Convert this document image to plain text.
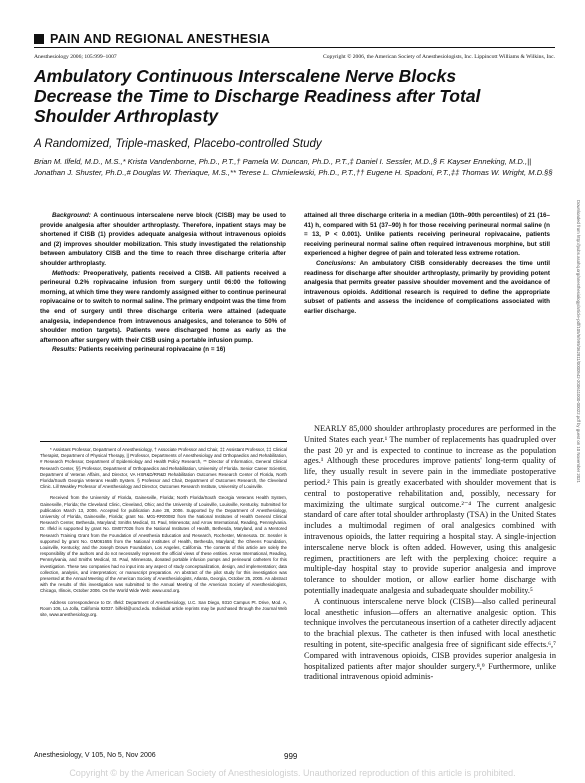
PAIN AND REGIONAL ANESTHESIA
Anesthesiology 2006; 105:999–1007	Copyright © 2006, the American Society of Anesthesiologists, Inc. Lippincott Williams & Wilkins, Inc.
Ambulatory Continuous Interscalene Nerve Blocks Decrease the Time to Discharge Readiness after Total Shoulder Arthroplasty
A Randomized, Triple-masked, Placebo-controlled Study
Brian M. Ilfeld, M.D., M.S.,* Krista Vandenborne, Ph.D., P.T.,† Pamela W. Duncan, Ph.D., P.T.,‡ Daniel I. Sessler, M.D.,§ F. Kayser Enneking, M.D.,|| Jonathan J. Shuster, Ph.D.,# Douglas W. Theriaque, M.S.,** Terese L. Chmielewski, Ph.D., P.T.,†† Eugene H. Spadoni, P.T.,‡‡ Thomas W. Wright, M.D.§§

Background: A continuous interscalene nerve block (CISB) may be used to provide analgesia after shoulder arthroplasty. Therefore, inpatient stays may be shortened if CISB (1) provides adequate analgesia without intravenous opioids and (2) improves shoulder mobilization. This study investigated the relationship between ambulatory CISB and the time to reach three discharge criteria after shoulder arthroplasty.

Methods: Preoperatively, patients received a CISB. All patients received a perineural 0.2% ropivacaine infusion from surgery until 06:00 the following morning, at which time they were randomly assigned either to continue perineural ropivacaine or to switch to normal saline. The primary endpoint was the time from the end of surgery until three discharge criteria were attained (adequate analgesia, independence from intravenous analgesics, and tolerance to 50% of shoulder motion targets). Patients were discharged home as early as the afternoon after surgery with their CISB using a portable infusion pump.

Results: Patients receiving perineural ropivacaine (n = 16)

attained all three discharge criteria in a median (10th–90th percentiles) of 21 (16–41) h, compared with 51 (37–90) h for those receiving perineural normal saline (n = 13, P < 0.001). Unlike patients receiving perineural ropivacaine, patients receiving perineural normal saline often required intravenous morphine, but still experienced a higher degree of pain and tolerated less extreme rotation.

Conclusions: An ambulatory CISB considerably decreases the time until readiness for discharge after shoulder arthroplasty, primarily by providing potent analgesia that permits greater passive shoulder movement and the avoidance of intravenous opioids. Additional research is required to define the appropriate subset of patients and assess the incidence of complications associated with earlier discharge.

* Assistant Professor, Department of Anesthesiology, † Associate Professor and Chair, ‡‡ Assistant Professor, ‡‡ Clinical Therapist, Department of Physical Therapy, || Professor, Departments of Anesthesiology and Orthopaedics and Rehabilitation, # Research Professor, Department of Epidemiology and Health Policy Research, ** Director of Informatics, General Clinical Research Center, §§ Professor, Department of Orthopaedics and Rehabilitation, University of Florida. Senior Career Scientist, Department of Veteran Affairs, and Director, VA HSR&D/RR&D Rehabilitation Outcomes Research Center of Florida, North Florida/South Georgia Veterans Health System. § Professor and Chair, Department of Outcomes Research, the Cleveland Clinic. Lill Weakley Professor of Anesthesiology and Director, Outcomes Research Institute, University of Louisville.

Received from the University of Florida, Gainesville, Florida; North Florida/South Georgia Veterans Health System, Gainesville, Florida; the Cleveland Clinic, Cleveland, Ohio; and the University of Louisville, Louisville, Kentucky. Submitted for publication March 13, 2006. Accepted for publication June 28, 2006. Supported by the Department of Anesthesiology, University of Florida, Gainesville, Florida; grant No. M01-RR00082 from the National Institutes of Health General Clinical Research Center, Bethesda, Maryland; Smiths Medical, St. Paul, Minnesota; and Arrow International, Reading, Pennsylvania. Dr. Ilfeld is supported by grant No. GM077026 from the National Institutes of Health, Bethesda, Maryland, and a Mentored Research Training Grant from the Foundation of Anesthesia Education and Research, Rochester, Minnesota. Dr. Sessler is supported by grant No. GM061655 from the National Institutes of Health, Bethesda, Maryland; the Gheens Foundation, Louisville, Kentucky; and the Joseph Drown Foundation, Los Angeles, California. The contents of this article are solely the responsibility of the authors and do not necessarily represent the official views of these entities. Arrow International, Reading, Pennsylvania, and Smiths Medical, St. Paul, Minnesota, donated portable infusion pumps and perineural catheters for this investigation. These two companies had no input into any aspect of study conceptualization, design, and implementation; data collection, analysis, and interpretation; or manuscript preparation. An abstract of the pilot study for this investigation was presented at the Annual Meeting of the American Society of Anesthesiologists, Atlanta, Georgia, October 25, 2005. An abstract with the results of this investigation was submitted to the Annual Meeting of the American Society of Anesthesiologists, Chicago, Illinois, October 2006. On the World Wide Web: www.ucsd.org.

Address correspondence to Dr. Ilfeld: Department of Anesthesiology, U.C. San Diego, 9310 Campus Pt. Drive, Mod. A, Room 106, La Jolla, California 92037. bilfeld@ucsd.edu. Individual article reprints may be purchased through the Journal Web site, www.anesthesiology.org.

NEARLY 85,000 shoulder arthroplasty procedures are performed in the United States each year.¹ The number of replacements has quadrupled over the past 20 yr and is expected to continue to increase as the population ages.¹ Although these procedures improve patients' long-term quality of life, they usually result in severe pain in the immediate postoperative period.² This pain is greatly exacerbated with shoulder movement that is central to postoperative rehabilitation and, possibly, necessary for maximizing the ultimate surgical outcome.²⁻⁴ The current analgesic standard of care after total shoulder arthroplasty (TSA) in the United States includes a multimodal regimen of oral analgesics combined with intravenous opioids, the latter requiring a hospital stay. A single-injection interscalene nerve block is often added. However, using this analgesic regimen, practitioners are left with the perplexing choice: require a multiple-day hospital stay to provide superior analgesia and improve tolerance to shoulder motion, or allow earlier home discharge with potentially inadequate analgesia and subadequate shoulder mobility.⁵

A continuous interscalene nerve block (CISB)—also called perineural local anesthetic infusion—offers an alternative analgesic option. This technique involves the percutaneous insertion of a catheter directly adjacent to the brachial plexus. The catheter is then infused with local anesthetic resulting in potent, site-specific analgesia free of significant side effects.⁶,⁷ Compared with intravenous opioids, CISB provides superior analgesia in hospitalized patients after major shoulder surgery.⁸,⁹ Furthermore, unlike traditional intravenous opioid adminis-

Anesthesiology, V 105, No 5, Nov 2006	999
Downloaded from http://pubs.asahq.org/anesthesiology/article-pdf/105/5/999/362811/0000542-200611000-00022.pdf by guest on 10 November 2021
Copyright © by the American Society of Anesthesiologists. Unauthorized reproduction of this article is prohibited.
